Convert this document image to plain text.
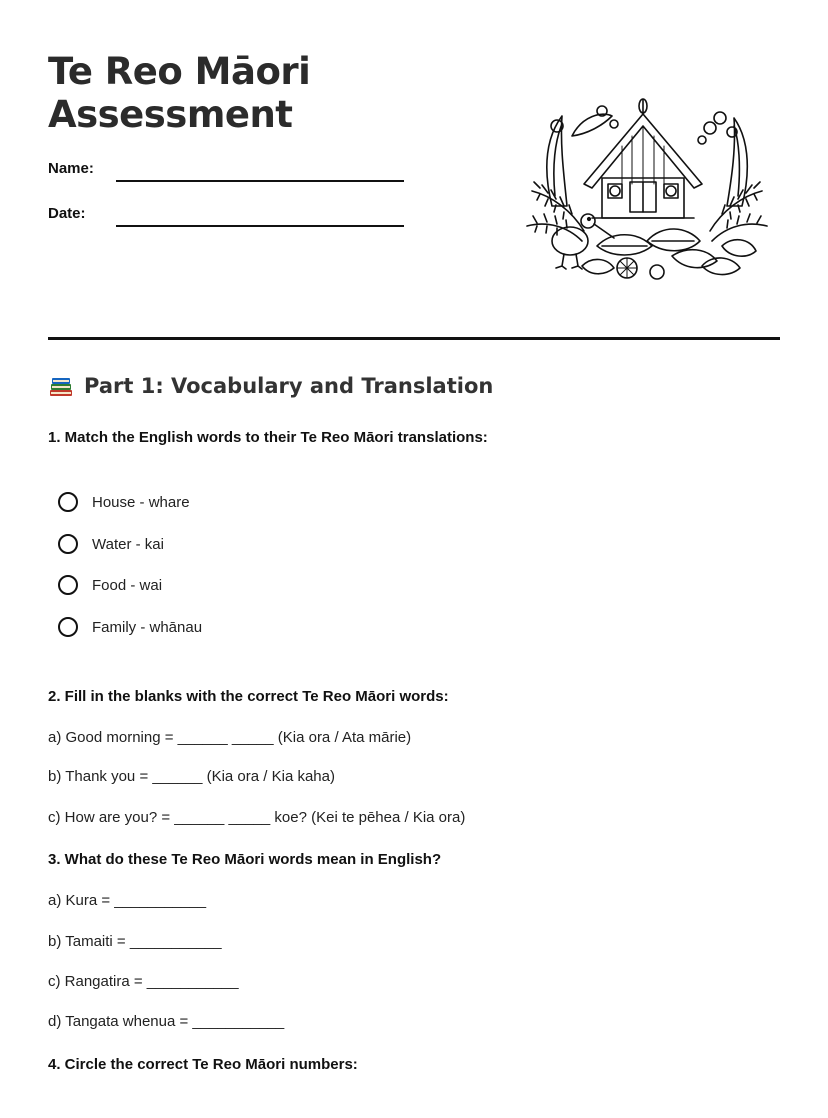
Te Reo Māori
Assessment
Name:
Date:
Part 1: Vocabulary and Translation

1. Match the English words to their Te Reo Māori translations:

House - whare
Water - kai
Food - wai
Family - whānau

2. Fill in the blanks with the correct Te Reo Māori words:

a) Good morning = ______ _____ (Kia ora / Ata mārie)
b) Thank you = ______ (Kia ora / Kia kaha)
c) How are you? = ______ _____ koe? (Kei te pēhea / Kia ora)

3. What do these Te Reo Māori words mean in English?

a) Kura = ___________
b) Tamaiti = ___________
c) Rangatira = ___________
d) Tangata whenua = ___________

4. Circle the correct Te Reo Māori numbers:
